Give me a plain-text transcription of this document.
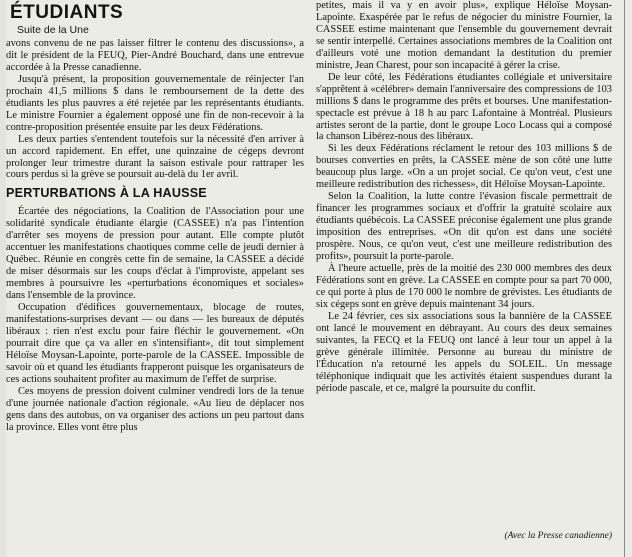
ÉTUDIANTS
Suite de la Une

avons convenu de ne pas laisser filtrer le contenu des discussions», a dit le président de la FEUQ, Pier-André Bouchard, dans une entrevue accordée à la Presse canadienne.

Jusqu'à présent, la proposition gouvernementale de réinjecter l'an prochain 41,5 millions $ dans le remboursement de la dette des étudiants les plus pauvres a été rejetée par les représentants étudiants. Le ministre Fournier a également opposé une fin de non-recevoir à la contre-proposition présentée ensuite par les deux Fédérations.

Les deux parties s'entendent toutefois sur la nécessité d'en arriver à un accord rapidement. En effet, une quinzaine de cégeps devront prolonger leur trimestre durant la saison estivale pour rattraper les cours perdus si la grève se poursuit au-delà du 1er avril.

PERTURBATIONS À LA HAUSSE

Écartée des négociations, la Coalition de l'Association pour une solidarité syndicale étudiante élargie (CASSEE) n'a pas l'intention d'arrêter ses moyens de pression pour autant. Elle compte plutôt accentuer les manifestations chaotiques comme celle de jeudi dernier à Québec. Réunie en congrès cette fin de semaine, la CASSEE a décidé de miser désormais sur les coups d'éclat à l'improviste, appelant ses membres à poursuivre les «perturbations économiques et sociales» dans l'ensemble de la province.

Occupation d'édifices gouvernementaux, blocage de routes, manifestations-surprises devant — ou dans — les bureaux de députés libéraux : rien n'est exclu pour faire fléchir le gouvernement. «On pourrait dire que ça va aller en s'intensifiant», dit tout simplement Héloïse Moysan-Lapointe, porte-parole de la CASSEE. Impossible de savoir où et quand les étudiants frapperont puisque les organisateurs de ces actions souhaitent profiter au maximum de l'effet de surprise.

Ces moyens de pression doivent culminer vendredi lors de la tenue d'une journée nationale d'action régionale. «Au lieu de déplacer nos gens dans des autobus, on va organiser des actions un peu partout dans la province. Elles vont être plus

petites, mais il va y en avoir plus», explique Héloïse Moysan-Lapointe. Exaspérée par le refus de négocier du ministre Fournier, la CASSEE estime maintenant que l'ensemble du gouvernement devrait se sentir interpellé. Certaines associations membres de la Coalition ont d'ailleurs voté une motion demandant la destitution du premier ministre, Jean Charest, pour son incapacité à gérer la crise.

De leur côté, les Fédérations étudiantes collégiale et universitaire s'apprêtent à «célébrer» demain l'anniversaire des compressions de 103 millions $ dans le programme des prêts et bourses. Une manifestation-spectacle est prévue à 18 h au parc Lafontaine à Montréal. Plusieurs artistes seront de la partie, dont le groupe Loco Locass qui a composé la chanson Libérez-nous des libéraux.

Si les deux Fédérations réclament le retour des 103 millions $ de bourses converties en prêts, la CASSEE mène de son côté une lutte beaucoup plus large. «On a un projet social. Ce qu'on veut, c'est une meilleure redistribution des richesses», dit Héloïse Moysan-Lapointe.

Selon la Coalition, la lutte contre l'évasion fiscale permettrait de financer les programmes sociaux et d'offrir la gratuité scolaire aux étudiants québécois. La CASSEE préconise également une plus grande imposition des entreprises. «On dit qu'on est dans une société prospère. Nous, ce qu'on veut, c'est une meilleure redistribution des profits», poursuit la porte-parole.

À l'heure actuelle, près de la moitié des 230 000 membres des deux Fédérations sont en grève. La CASSEE en compte pour sa part 70 000, ce qui porte à plus de 170 000 le nombre de grévistes. Les étudiants de six cégeps sont en grève depuis maintenant 34 jours.

Le 24 février, ces six associations sous la bannière de la CASSEE ont lancé le mouvement en débrayant. Au cours des deux semaines suivantes, la FECQ et la FEUQ ont lancé à leur tour un appel à la grève générale illimitée. Personne au bureau du ministre de l'Éducation n'a retourné les appels du SOLEIL. Un message téléphonique indiquait que les activités étaient suspendues durant la période pascale, et ce, malgré la poursuite du conflit.

(Avec la Presse canadienne)
